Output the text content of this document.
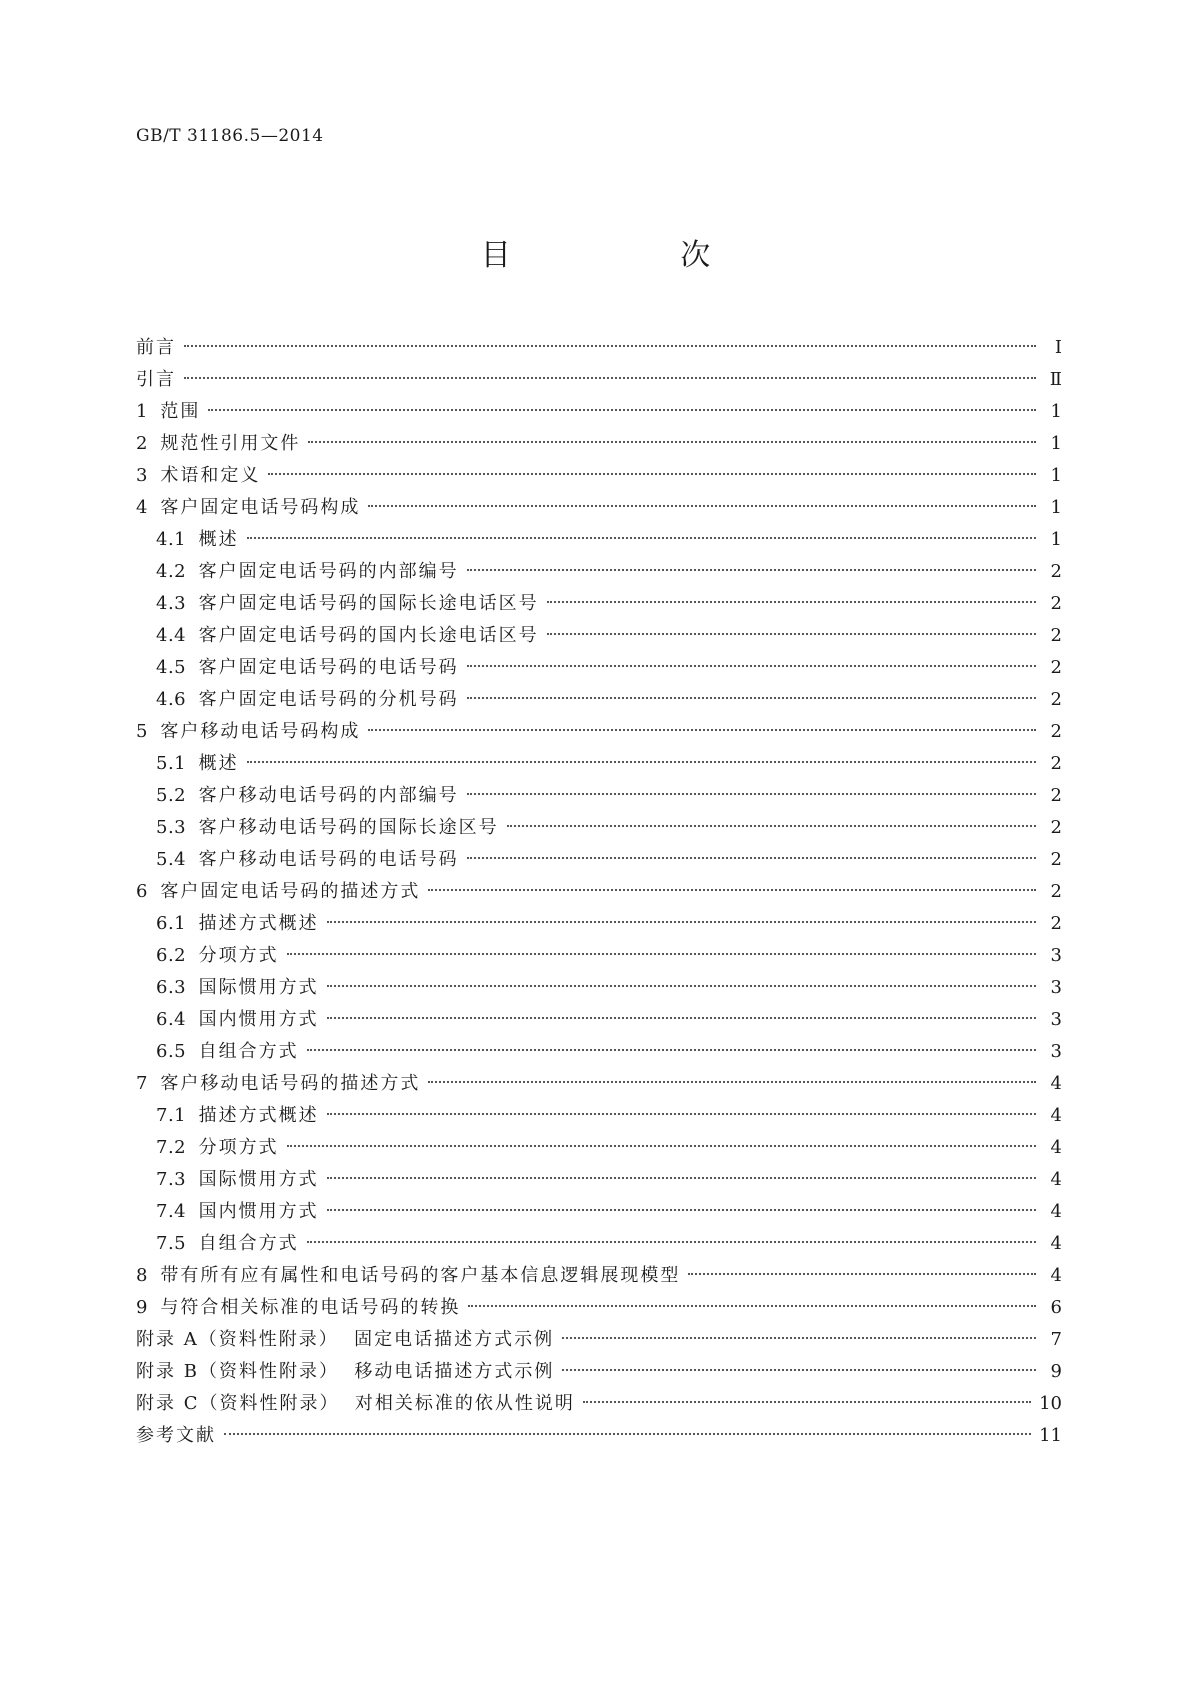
GB/T 31186.5—2014
目 次
前言	Ⅰ
引言	Ⅱ
1 范围	1
2 规范性引用文件	1
3 术语和定义	1
4 客户固定电话号码构成	1
4.1 概述	1
4.2 客户固定电话号码的内部编号	2
4.3 客户固定电话号码的国际长途电话区号	2
4.4 客户固定电话号码的国内长途电话区号	2
4.5 客户固定电话号码的电话号码	2
4.6 客户固定电话号码的分机号码	2
5 客户移动电话号码构成	2
5.1 概述	2
5.2 客户移动电话号码的内部编号	2
5.3 客户移动电话号码的国际长途区号	2
5.4 客户移动电话号码的电话号码	2
6 客户固定电话号码的描述方式	2
6.1 描述方式概述	2
6.2 分项方式	3
6.3 国际惯用方式	3
6.4 国内惯用方式	3
6.5 自组合方式	3
7 客户移动电话号码的描述方式	4
7.1 描述方式概述	4
7.2 分项方式	4
7.3 国际惯用方式	4
7.4 国内惯用方式	4
7.5 自组合方式	4
8 带有所有应有属性和电话号码的客户基本信息逻辑展现模型	4
9 与符合相关标准的电话号码的转换	6
附录 A（资料性附录）  固定电话描述方式示例	7
附录 B（资料性附录）  移动电话描述方式示例	9
附录 C（资料性附录）  对相关标准的依从性说明	10
参考文献	11
